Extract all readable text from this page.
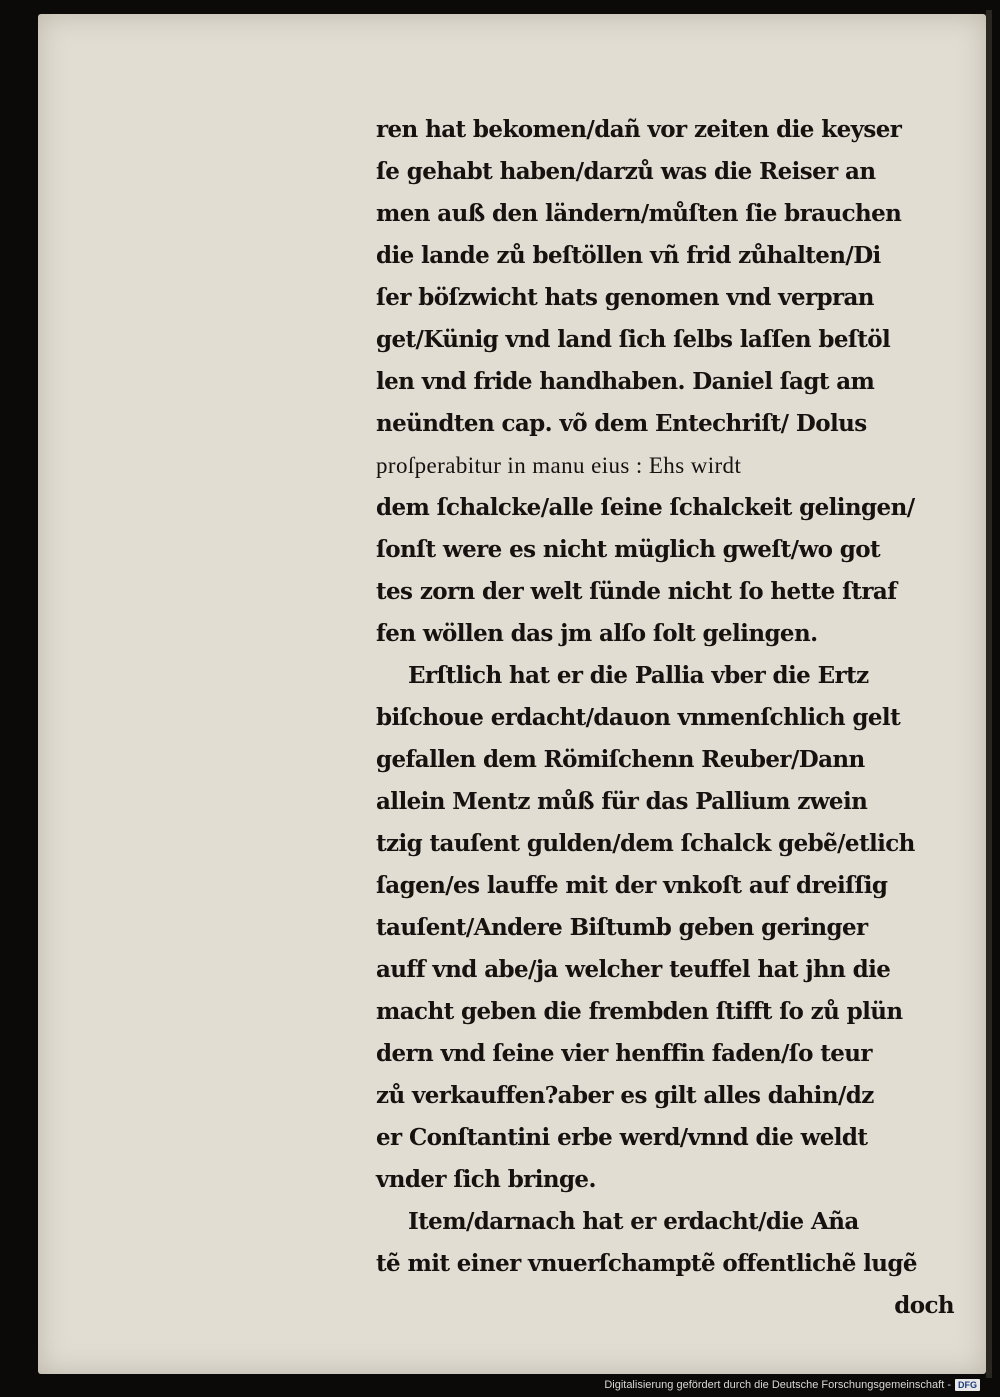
ren hat bekomen/dañ vor zeiten die keyser
ſe gehabt haben/darzů was die Reiser an
men auß den ländern/můſten ſie brauchen
die lande zů beſtöllen vñ frid zůhalten/Di
ſer böſzwicht hats genomen vnd verpran
get/Künig vnd land ſich ſelbs laſſen beſtöl
len vnd fride handhaben. Daniel ſagt am
neündten cap. võ dem Entechriſt/ Dolus
proſperabitur in manu eius : Ehs wirdt
dem ſchalcke/alle ſeine ſchalckeit gelingen/
ſonſt were es nicht müglich gweſt/wo got
tes zorn der welt ſünde nicht ſo hette ſtraf
fen wöllen das jm alſo ſolt gelingen.
Erſtlich hat er die Pallia vber die Ertz
biſchoue erdacht/dauon vnmenſchlich gelt
gefallen dem Römiſchenn Reuber/Dann
allein Mentz můß für das Pallium zwein
tzig tauſent gulden/dem ſchalck gebẽ/etlich
ſagen/es lauffe mit der vnkoſt auf dreiſſig
tauſent/Andere Biſtumb geben geringer
auff vnd abe/ja welcher teuffel hat jhn die
macht geben die frembden ſtifft ſo zů plün
dern vnd ſeine vier henffin faden/ſo teur
zů verkauffen?aber es gilt alles dahin/dz
er Conſtantini erbe werd/vnnd die weldt
vnder ſich bringe.
Item/darnach hat er erdacht/die Aña
tẽ mit einer vnuerſchamptẽ offentlichẽ lugẽ
doch
Digitalisierung gefördert durch die Deutsche Forschungsgemeinschaft - DFG
